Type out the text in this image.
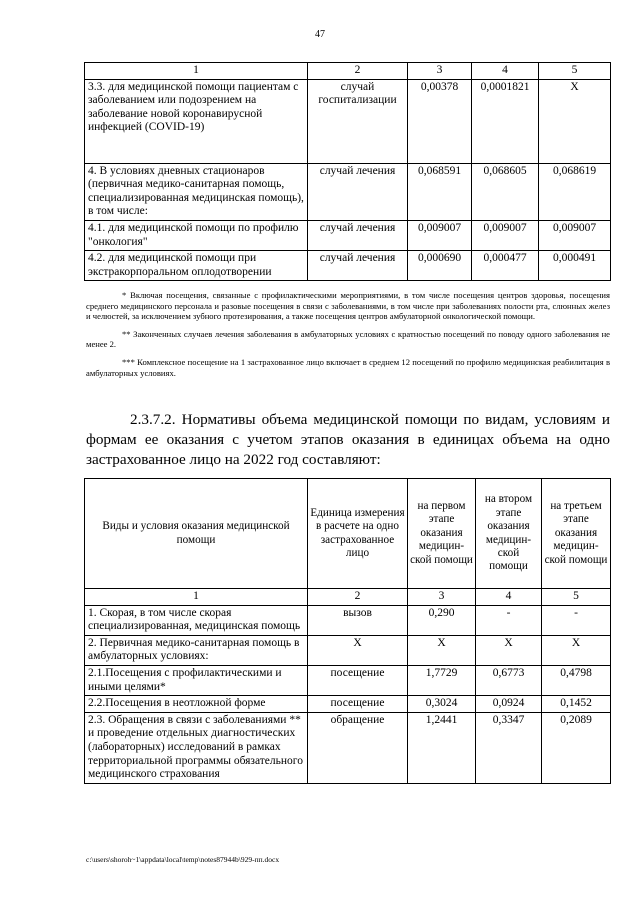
47
1	2	3	4	5
3.3. для медицинской помощи пациентам с заболеванием или подозрением на заболевание новой коронавирусной инфекцией (COVID-19)	случай госпитализации	0,00378	0,0001821	X
4. В условиях дневных стационаров (первичная медико-санитарная помощь, специализированная медицинская помощь), в том числе:	случай лечения	0,068591	0,068605	0,068619
4.1. для медицинской помощи по профилю "онкология"	случай лечения	0,009007	0,009007	0,009007
4.2. для медицинской помощи при экстракорпоральном оплодотворении	случай лечения	0,000690	0,000477	0,000491

* Включая посещения, связанные с профилактическими мероприятиями, в том числе посещения центров здоровья, посещения среднего медицинского персонала и разовые посещения в связи с заболеваниями, в том числе при заболеваниях полости рта, слюнных желез и челюстей, за исключением зубного протезирования, а также посещения центров амбулаторной онкологической помощи.

** Законченных случаев лечения заболевания в амбулаторных условиях с кратностью посещений по поводу одного заболевания не менее 2.

*** Комплексное посещение на 1 застрахованное лицо включает в среднем 12 посещений по профилю медицинская реабилитация в амбулаторных условиях.

2.3.7.2. Нормативы объема медицинской помощи по видам, условиям и формам ее оказания с учетом этапов оказания в единицах объема на одно застрахованное лицо на 2022 год составляют:

Виды и условия оказания медицинской помощи	Единица измерения в расчете на одно застрахованное лицо	на первом этапе оказания медицин-ской помощи	на втором этапе оказания медицин-ской помощи	на третьем этапе оказания медицин-ской помощи
1	2	3	4	5
1. Скорая, в том числе скорая специализированная, медицинская помощь	вызов	0,290	-	-
2. Первичная медико-санитарная помощь в амбулаторных условиях:	X	X	X	X
2.1.Посещения с профилактическими и иными целями*	посещение	1,7729	0,6773	0,4798
2.2.Посещения в неотложной форме	посещение	0,3024	0,0924	0,1452
2.3. Обращения в связи с заболеваниями ** и проведение отдельных диагностических (лабораторных) исследований в рамках территориальной программы обязательного медицинского страхования	обращение	1,2441	0,3347	0,2089
c:\users\shoroh~1\appdata\local\temp\notes87944b\929-пп.docx
